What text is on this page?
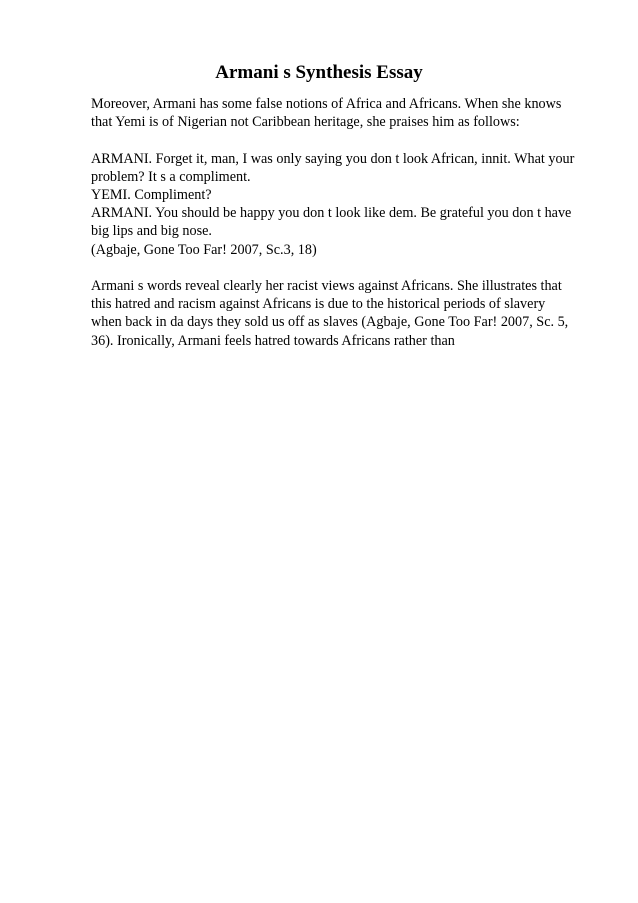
Armani s Synthesis Essay

Moreover, Armani has some false notions of Africa and Africans. When she knows
that Yemi is of Nigerian not Caribbean heritage, she praises him as follows:

ARMANI. Forget it, man, I was only saying you don t look African, innit. What your
problem? It s a compliment.
YEMI. Compliment?
ARMANI. You should be happy you don t look like dem. Be grateful you don t have
big lips and big nose.
(Agbaje, Gone Too Far! 2007, Sc.3, 18)

Armani s words reveal clearly her racist views against Africans. She illustrates that
this hatred and racism against Africans is due to the historical periods of slavery
when back in da days they sold us off as slaves (Agbaje, Gone Too Far! 2007, Sc. 5,
36). Ironically, Armani feels hatred towards Africans rather than
